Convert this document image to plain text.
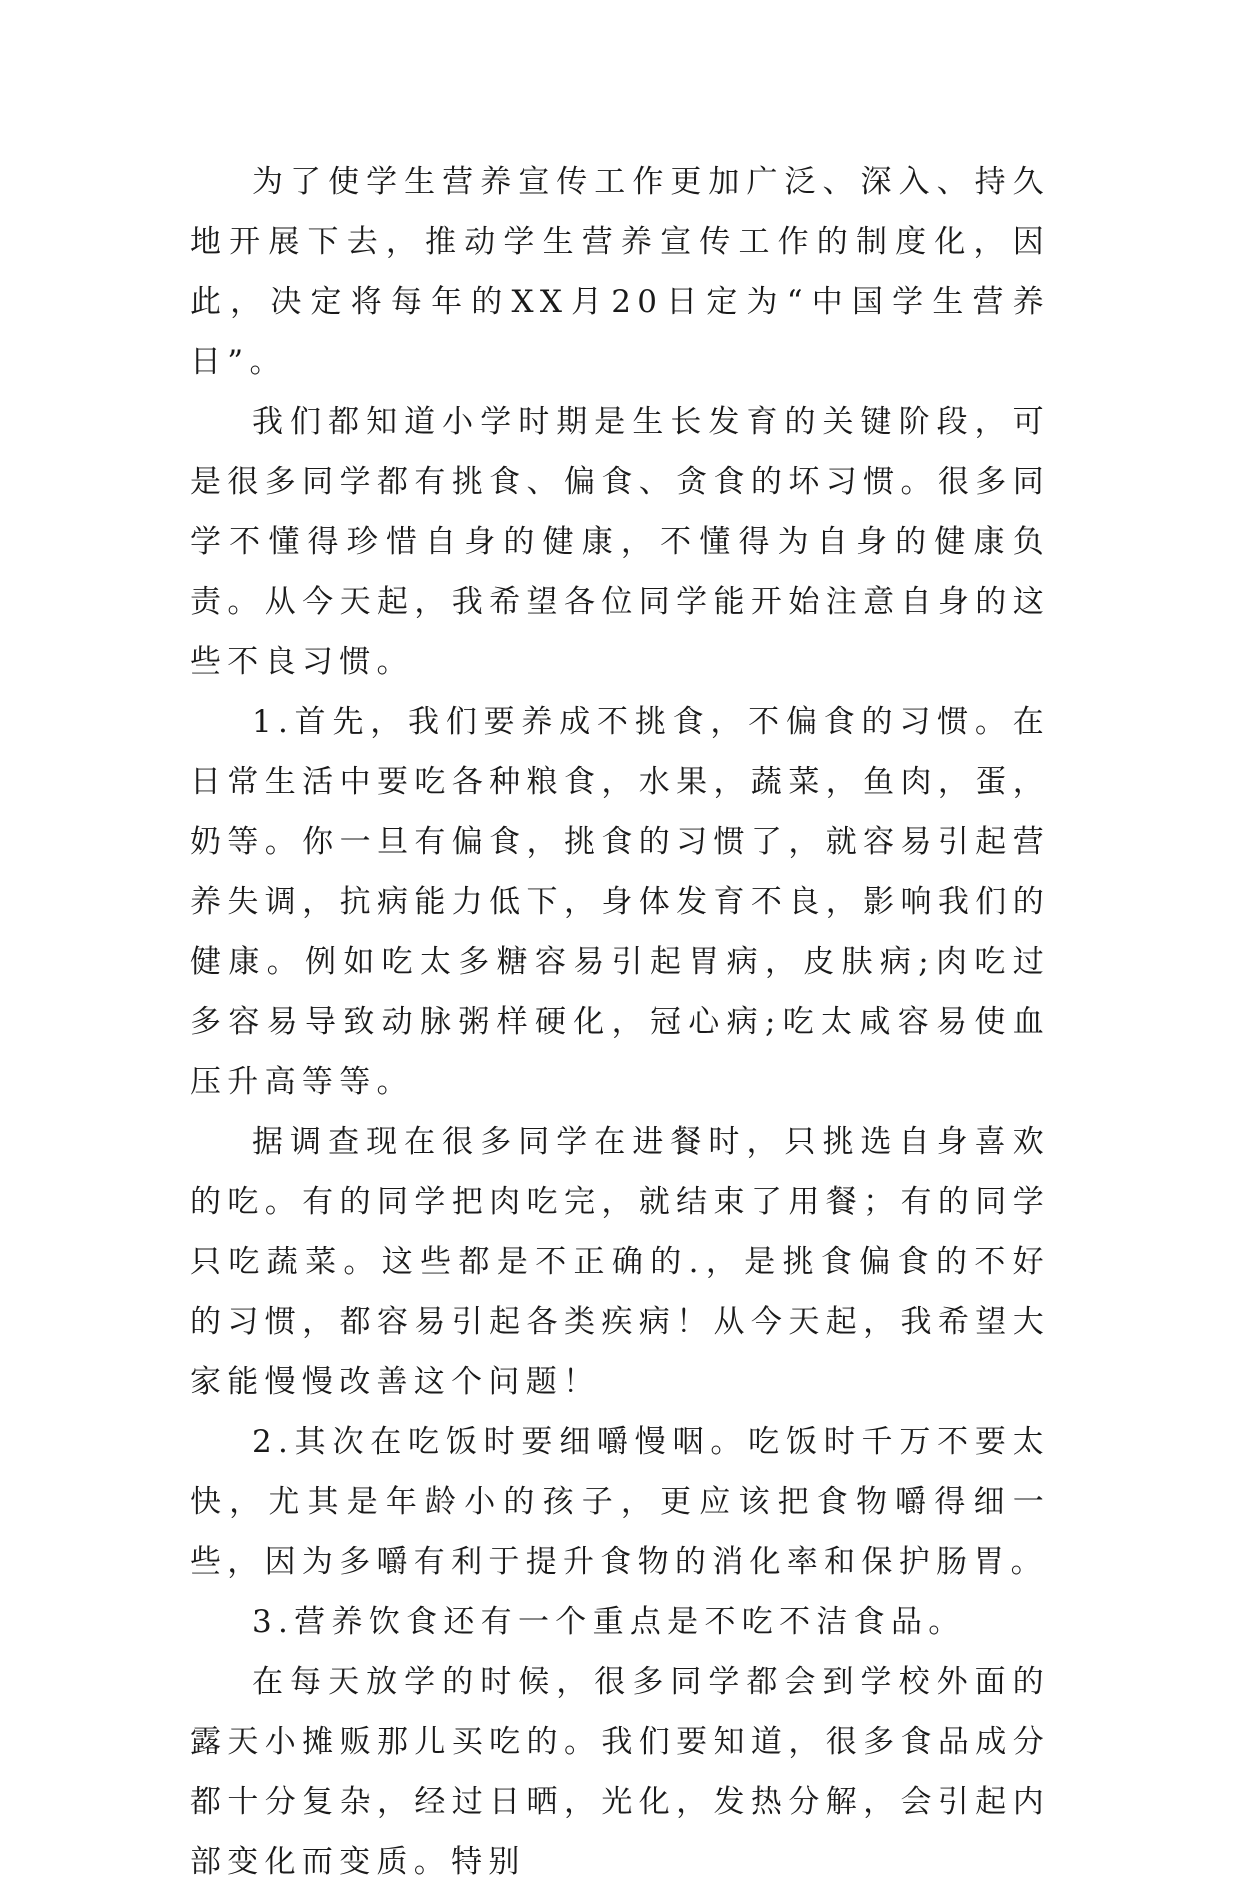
为了使学生营养宣传工作更加广泛、深入、持久地开展下去，推动学生营养宣传工作的制度化，因此，决定将每年的XX月20日定为“中国学生营养日”。

我们都知道小学时期是生长发育的关键阶段，可是很多同学都有挑食、偏食、贪食的坏习惯。很多同学不懂得珍惜自身的健康，不懂得为自身的健康负责。从今天起，我希望各位同学能开始注意自身的这些不良习惯。

1.首先，我们要养成不挑食，不偏食的习惯。在日常生活中要吃各种粮食，水果，蔬菜，鱼肉，蛋，奶等。你一旦有偏食，挑食的习惯了，就容易引起营养失调，抗病能力低下，身体发育不良，影响我们的健康。例如吃太多糖容易引起胃病，皮肤病;肉吃过多容易导致动脉粥样硬化，冠心病;吃太咸容易使血压升高等等。

据调查现在很多同学在进餐时，只挑选自身喜欢的吃。有的同学把肉吃完，就结束了用餐；有的同学只吃蔬菜。这些都是不正确的.，是挑食偏食的不好的习惯，都容易引起各类疾病！从今天起，我希望大家能慢慢改善这个问题！

2.其次在吃饭时要细嚼慢咽。吃饭时千万不要太快，尤其是年龄小的孩子，更应该把食物嚼得细一些，因为多嚼有利于提升食物的消化率和保护肠胃。

3.营养饮食还有一个重点是不吃不洁食品。

在每天放学的时候，很多同学都会到学校外面的露天小摊贩那儿买吃的。我们要知道，很多食品成分都十分复杂，经过日晒，光化，发热分解，会引起内部变化而变质。特别
